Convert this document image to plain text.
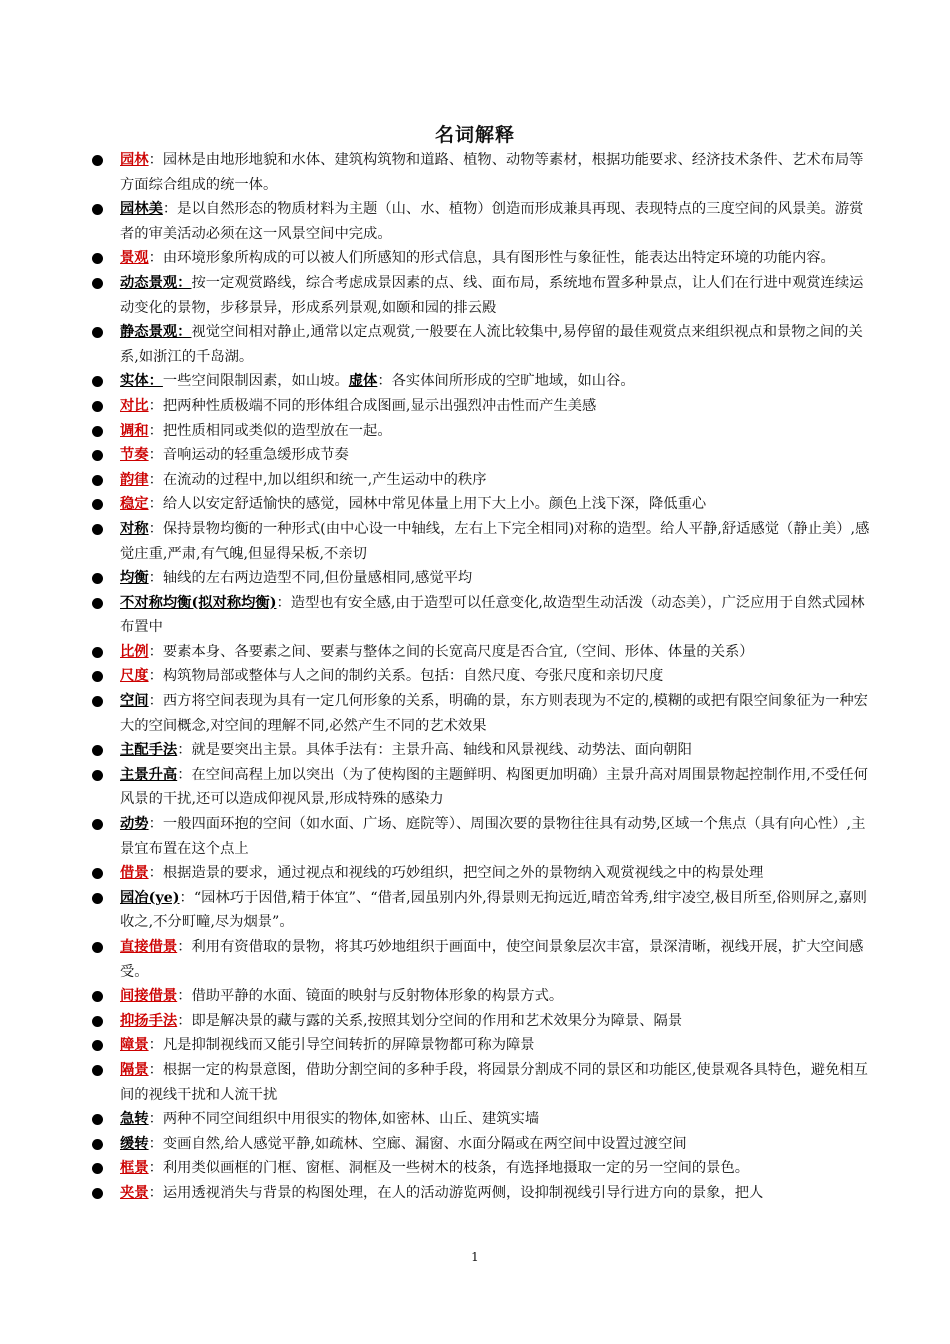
名词解释
园林：园林是由地形地貌和水体、建筑构筑物和道路、植物、动物等素材，根据功能要求、经济技术条件、艺术布局等方面综合组成的统一体。
园林美：是以自然形态的物质材料为主题（山、水、植物）创造而形成兼具再现、表现特点的三度空间的风景美。游赏者的审美活动必须在这一风景空间中完成。
景观：由环境形象所构成的可以被人们所感知的形式信息，具有图形性与象征性，能表达出特定环境的功能内容。
动态景观：按一定观赏路线，综合考虑成景因素的点、线、面布局，系统地布置多种景点，让人们在行进中观赏连续运动变化的景物，步移景异，形成系列景观,如颐和园的排云殿
静态景观：视觉空间相对静止,通常以定点观赏,一般要在人流比较集中,易停留的最佳观赏点来组织视点和景物之间的关系,如浙江的千岛湖。
实体：一些空间限制因素，如山坡。虚体：各实体间所形成的空旷地域，如山谷。
对比：把两种性质极端不同的形体组合成图画,显示出强烈冲击性而产生美感
调和：把性质相同或类似的造型放在一起。
节奏：音响运动的轻重急缓形成节奏
韵律：在流动的过程中,加以组织和统一,产生运动中的秩序
稳定：给人以安定舒适愉快的感觉，园林中常见体量上用下大上小。颜色上浅下深，降低重心
对称：保持景物均衡的一种形式(由中心设一中轴线，左右上下完全相同)对称的造型。给人平静,舒适感觉（静止美）,感觉庄重,严肃,有气魄,但显得呆板,不亲切
均衡：轴线的左右两边造型不同,但份量感相同,感觉平均
不对称均衡(拟对称均衡)：造型也有安全感,由于造型可以任意变化,故造型生动活泼（动态美），广泛应用于自然式园林布置中
比例：要素本身、各要素之间、要素与整体之间的长宽高尺度是否合宜,（空间、形体、体量的关系）
尺度：构筑物局部或整体与人之间的制约关系。包括：自然尺度、夸张尺度和亲切尺度
空间：西方将空间表现为具有一定几何形象的关系，明确的景，东方则表现为不定的,模糊的或把有限空间象征为一种宏大的空间概念,对空间的理解不同,必然产生不同的艺术效果
主配手法：就是要突出主景。具体手法有：主景升高、轴线和风景视线、动势法、面向朝阳
主景升高：在空间高程上加以突出（为了使构图的主题鲜明、构图更加明确）主景升高对周围景物起控制作用,不受任何风景的干扰,还可以造成仰视风景,形成特殊的感染力
动势：一般四面环抱的空间（如水面、广场、庭院等）、周围次要的景物往往具有动势,区域一个焦点（具有向心性）,主景宜布置在这个点上
借景：根据造景的要求，通过视点和视线的巧妙组织，把空间之外的景物纳入观赏视线之中的构景处理
园冶(ye)：“园林巧于因借,精于体宜”、“借者,园虽别内外,得景则无拘远近,晴峦耸秀,绀宇凌空,极目所至,俗则屏之,嘉则收之,不分町疃,尽为烟景”。
直接借景：利用有资借取的景物，将其巧妙地组织于画面中，使空间景象层次丰富，景深清晰，视线开展，扩大空间感受。
间接借景：借助平静的水面、镜面的映射与反射物体形象的构景方式。
抑扬手法：即是解决景的藏与露的关系,按照其划分空间的作用和艺术效果分为障景、隔景
障景：凡是抑制视线而又能引导空间转折的屏障景物都可称为障景
隔景：根据一定的构景意图，借助分割空间的多种手段，将园景分割成不同的景区和功能区,使景观各具特色，避免相互间的视线干扰和人流干扰
急转：两种不同空间组织中用很实的物体,如密林、山丘、建筑实墙
缓转：变画自然,给人感觉平静,如疏林、空廊、漏窗、水面分隔或在两空间中设置过渡空间
框景：利用类似画框的门框、窗框、洞框及一些树木的枝条，有选择地摄取一定的另一空间的景色。
夹景：运用透视消失与背景的构图处理，在人的活动游览两侧，设抑制视线引导行进方向的景象，把人
1
